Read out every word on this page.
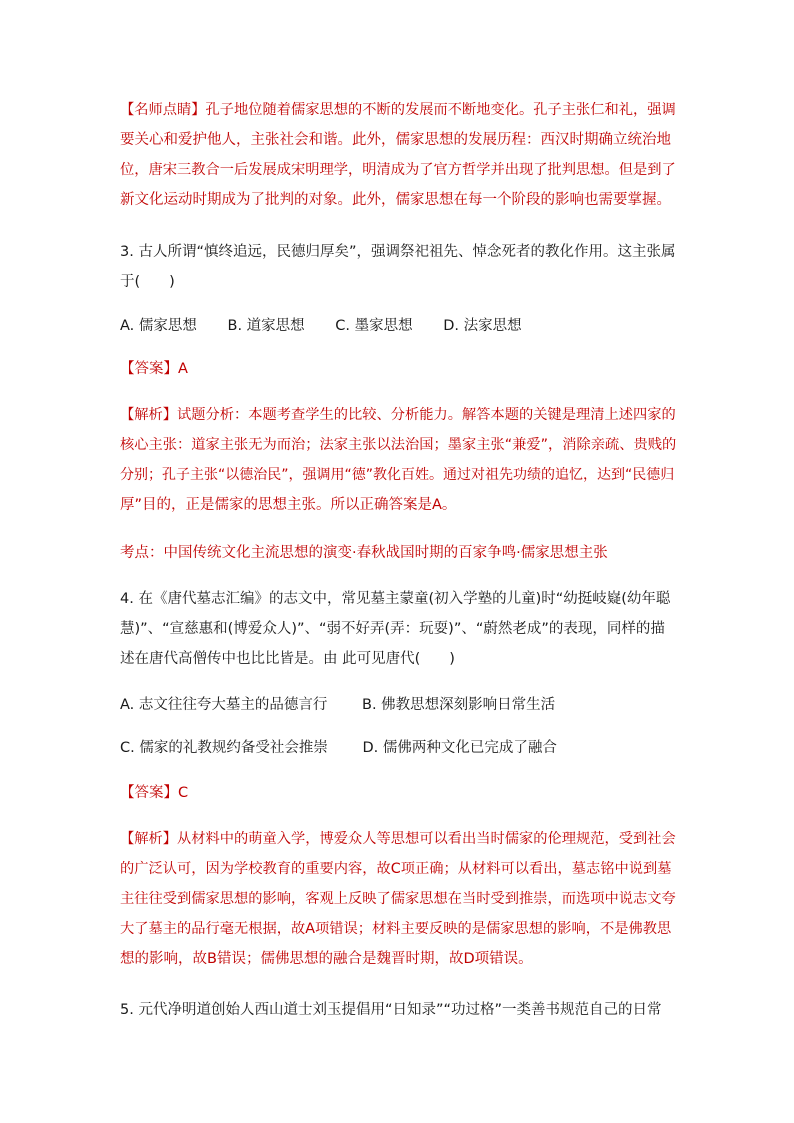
【名师点睛】孔子地位随着儒家思想的不断的发展而不断地变化。孔子主张仁和礼，强调
要关心和爱护他人，主张社会和谐。此外，儒家思想的发展历程：西汉时期确立统治地
位，唐宋三教合一后发展成宋明理学，明清成为了官方哲学并出现了批判思想。但是到了
新文化运动时期成为了批判的对象。此外，儒家思想在每一个阶段的影响也需要掌握。
3. 古人所谓“慎终追远，民德归厚矣”，强调祭祀祖先、悼念死者的教化作用。这主张属
于(　　)
A. 儒家思想 B. 道家思想 C. 墨家思想 D. 法家思想
【答案】A
【解析】试题分析：本题考查学生的比较、分析能力。解答本题的关键是理清上述四家的
核心主张：道家主张无为而治；法家主张以法治国；墨家主张“兼爱”，消除亲疏、贵贱的
分别；孔子主张“以德治民”，强调用“德”教化百姓。通过对祖先功绩的追忆，达到“民德归
厚”目的，正是儒家的思想主张。所以正确答案是A。
考点：中国传统文化主流思想的演变·春秋战国时期的百家争鸣·儒家思想主张
4. 在《唐代墓志汇编》的志文中，常见墓主蒙童(初入学塾的儿童)时“幼挺岐嶷(幼年聪
慧)”、“宣慈惠和(博爱众人)”、“弱不好弄(弄：玩耍)”、“蔚然老成”的表现，同样的描
述在唐代高僧传中也比比皆是。由 此可见唐代(　　)
A. 志文往往夸大墓主的品德言行 B. 佛教思想深刻影响日常生活
C. 儒家的礼教规约备受社会推崇 D. 儒佛两种文化已完成了融合
【答案】C
【解析】从材料中的萌童入学，博爱众人等思想可以看出当时儒家的伦理规范，受到社会
的广泛认可，因为学校教育的重要内容，故C项正确；从材料可以看出，墓志铭中说到墓
主往往受到儒家思想的影响，客观上反映了儒家思想在当时受到推崇，而选项中说志文夸
大了墓主的品行毫无根据，故A项错误；材料主要反映的是儒家思想的影响，不是佛教思
想的影响，故B错误；儒佛思想的融合是魏晋时期，故D项错误。
5. 元代净明道创始人西山道士刘玉提倡用“日知录”“功过格”一类善书规范自己的日常
